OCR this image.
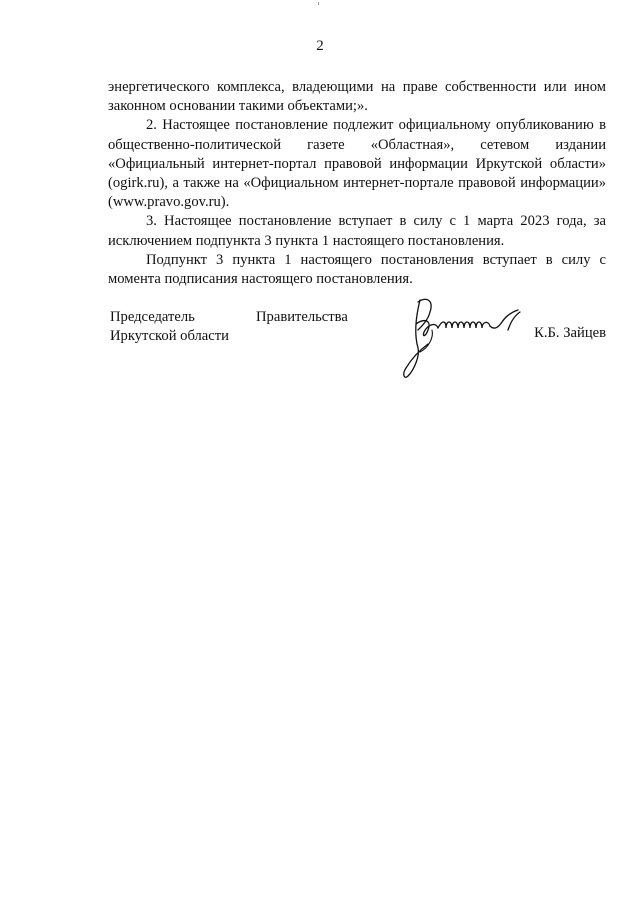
2

энергетического комплекса, владеющими на праве собственности или ином законном основании такими объектами;».

2. Настоящее постановление подлежит официальному опубликованию в общественно-политической газете «Областная», сетевом издании «Официальный интернет-портал правовой информации Иркутской области» (ogirk.ru), а также на «Официальном интернет-портале правовой информации» (www.pravo.gov.ru).

3. Настоящее постановление вступает в силу с 1 марта 2023 года, за исключением подпункта 3 пункта 1 настоящего постановления.

Подпункт 3 пункта 1 настоящего постановления вступает в силу с момента подписания настоящего постановления.

Председатель
Иркутской области
Правительства
К.Б. Зайцев
